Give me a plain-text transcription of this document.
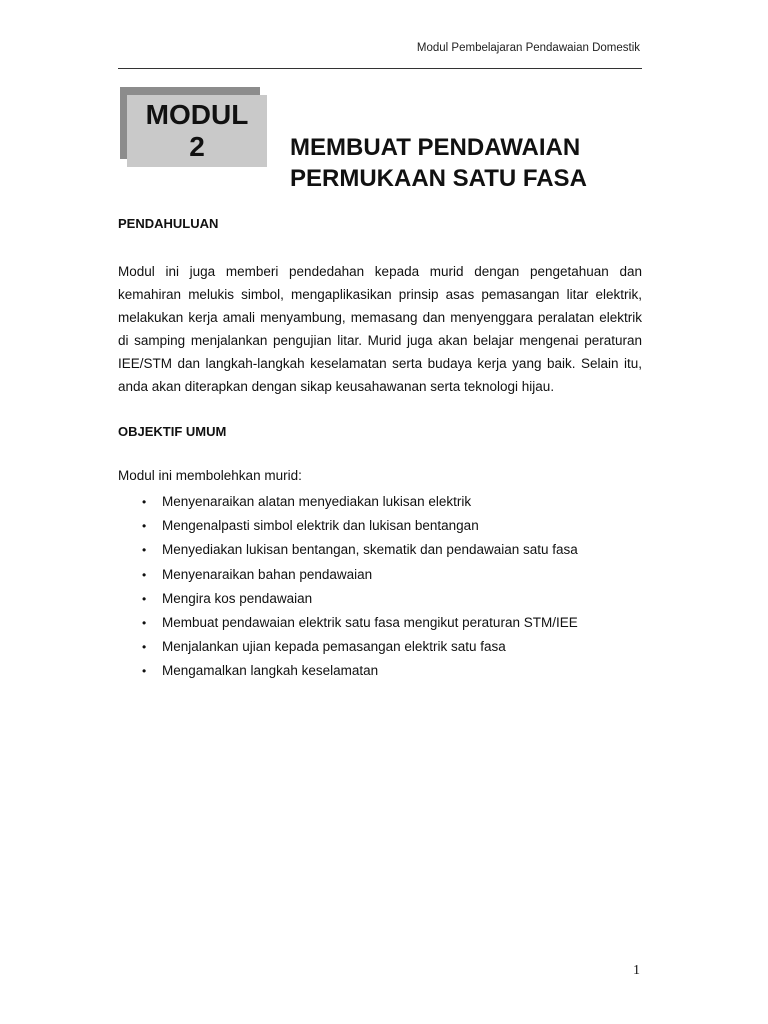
Modul Pembelajaran Pendawaian Domestik
MODUL
2	MEMBUAT PENDAWAIAN
PERMUKAAN SATU FASA
PENDAHULUAN
Modul ini juga memberi pendedahan kepada murid dengan pengetahuan dan kemahiran melukis simbol, mengaplikasikan prinsip asas pemasangan litar elektrik, melakukan kerja amali menyambung, memasang dan menyenggara peralatan elektrik di samping menjalankan pengujian litar. Murid juga akan belajar mengenai peraturan IEE/STM dan langkah-langkah keselamatan serta budaya kerja yang baik. Selain itu, anda akan diterapkan dengan sikap keusahawanan serta teknologi hijau.
OBJEKTIF UMUM
Modul ini membolehkan murid:
• Menyenaraikan alatan menyediakan lukisan elektrik
• Mengenalpasti simbol elektrik dan lukisan bentangan
• Menyediakan lukisan bentangan, skematik dan pendawaian satu fasa
• Menyenaraikan bahan pendawaian
• Mengira kos pendawaian
• Membuat pendawaian elektrik satu fasa mengikut peraturan STM/IEE
• Menjalankan ujian kepada pemasangan elektrik satu fasa
• Mengamalkan langkah keselamatan
1
